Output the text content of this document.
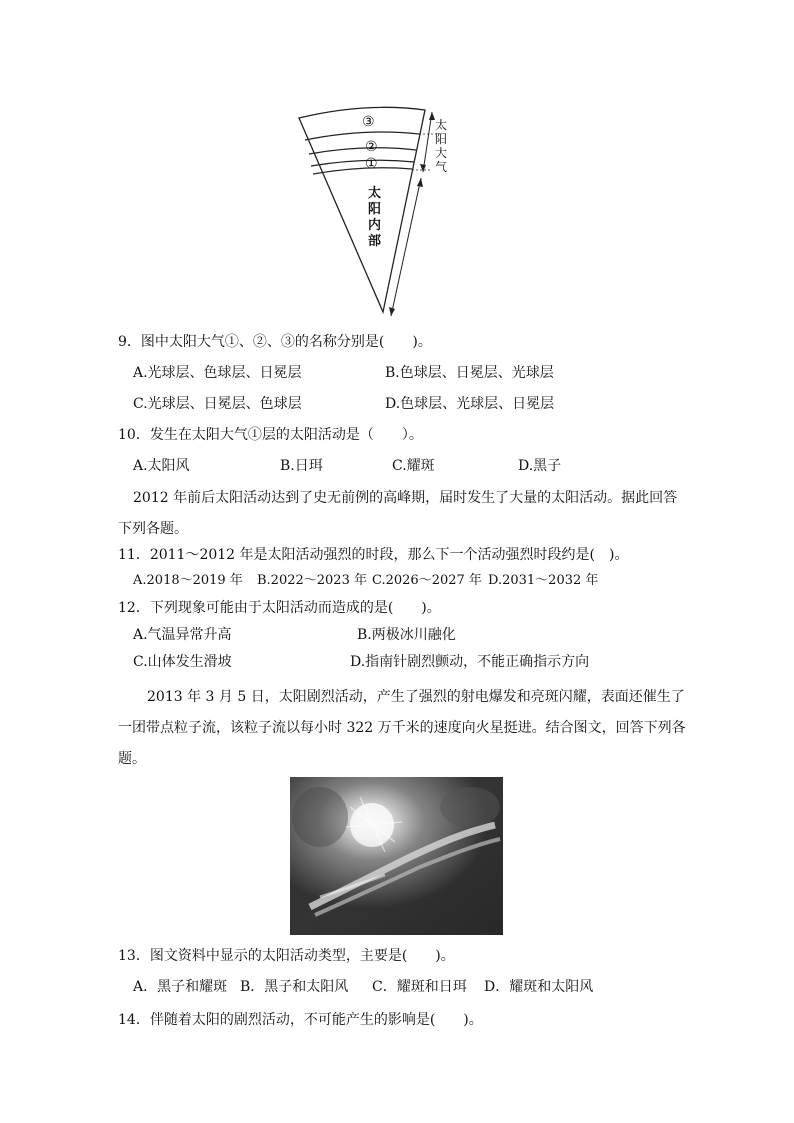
③
②
①
太
阳
大
气
太
阳
内
部
9．图中太阳大气①、②、③的名称分别是(　　)。
A.光球层、色球层、日冕层	B.色球层、日冕层、光球层
C.光球层、日冕层、色球层	D.色球层、光球层、日冕层
10．发生在太阳大气①层的太阳活动是（　　）。
A.太阳风	B.日珥	C.耀斑	D.黑子
2012 年前后太阳活动达到了史无前例的高峰期，届时发生了大量的太阳活动。据此回答
下列各题。
11．2011～2012 年是太阳活动强烈的时段，那么下一个活动强烈时段约是(　)。
A.2018～2019 年 B.2022～2023 年 C.2026～2027 年 D.2031～2032 年
12．下列现象可能由于太阳活动而造成的是(　　)。
A.气温异常升高	B.两极冰川融化
C.山体发生滑坡	D.指南针剧烈颤动，不能正确指示方向
2013 年 3 月 5 日，太阳剧烈活动，产生了强烈的射电爆发和亮斑闪耀，表面还催生了
一团带点粒子流，该粒子流以每小时 322 万千米的速度向火星挺进。结合图文，回答下列各
题。
13．图文资料中显示的太阳活动类型，主要是(　　)。
A．黑子和耀斑 B．黑子和太阳风 C．耀斑和日珥 D．耀斑和太阳风
14．伴随着太阳的剧烈活动，不可能产生的影响是(　　)。
